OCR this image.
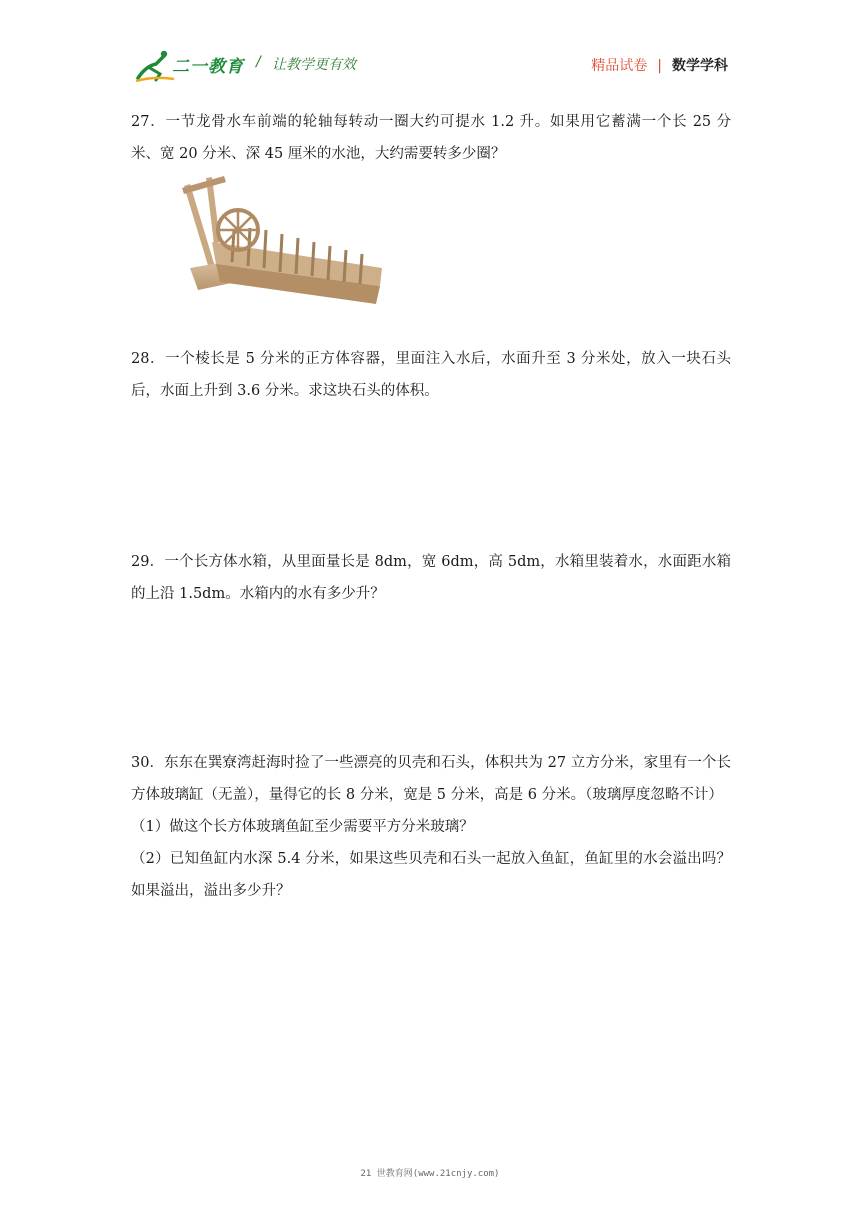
二一教育 / 让教学更有效	精品试卷 | 数学学科

27．一节龙骨水车前端的轮轴每转动一圈大约可提水 1.2 升。如果用它蓄满一个长 25 分米、宽 20 分米、深 45 厘米的水池，大约需要转多少圈？

28．一个棱长是 5 分米的正方体容器，里面注入水后，水面升至 3 分米处，放入一块石头后，水面上升到 3.6 分米。求这块石头的体积。

29．一个长方体水箱，从里面量长是 8dm，宽 6dm，高 5dm，水箱里装着水，水面距水箱的上沿 1.5dm。水箱内的水有多少升？

30．东东在巽寮湾赶海时捡了一些漂亮的贝壳和石头，体积共为 27 立方分米，家里有一个长方体玻璃缸（无盖），量得它的长 8 分米，宽是 5 分米，高是 6 分米。（玻璃厚度忽略不计）

（1）做这个长方体玻璃鱼缸至少需要平方分米玻璃？

（2）已知鱼缸内水深 5.4 分米，如果这些贝壳和石头一起放入鱼缸，鱼缸里的水会溢出吗？如果溢出，溢出多少升？

21 世教育网(www.21cnjy.com)
